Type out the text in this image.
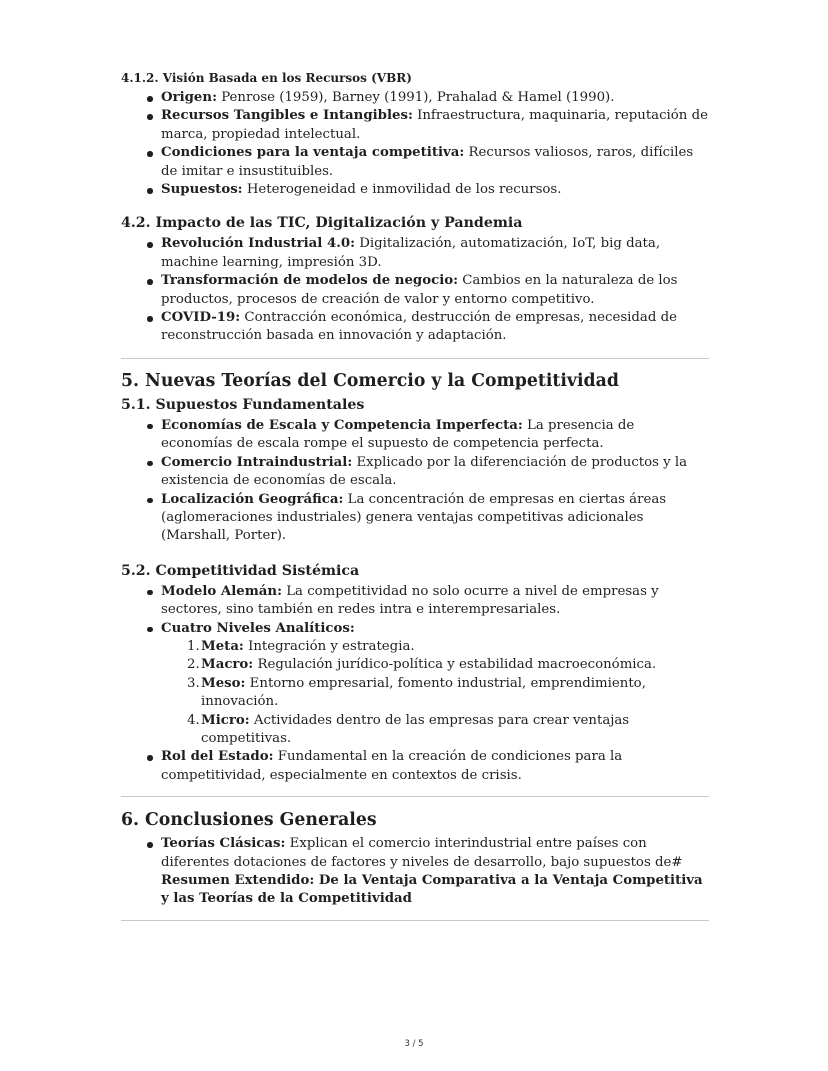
4.1.2. Visión Basada en los Recursos (VBR)
Origen: Penrose (1959), Barney (1991), Prahalad & Hamel (1990).
Recursos Tangibles e Intangibles: Infraestructura, maquinaria, reputación de marca, propiedad intelectual.
Condiciones para la ventaja competitiva: Recursos valiosos, raros, difíciles de imitar e insustituibles.
Supuestos: Heterogeneidad e inmovilidad de los recursos.
4.2. Impacto de las TIC, Digitalización y Pandemia
Revolución Industrial 4.0: Digitalización, automatización, IoT, big data, machine learning, impresión 3D.
Transformación de modelos de negocio: Cambios en la naturaleza de los productos, procesos de creación de valor y entorno competitivo.
COVID-19: Contracción económica, destrucción de empresas, necesidad de reconstrucción basada en innovación y adaptación.
5. Nuevas Teorías del Comercio y la Competitividad
5.1. Supuestos Fundamentales
Economías de Escala y Competencia Imperfecta: La presencia de economías de escala rompe el supuesto de competencia perfecta.
Comercio Intraindustrial: Explicado por la diferenciación de productos y la existencia de economías de escala.
Localización Geográfica: La concentración de empresas en ciertas áreas (aglomeraciones industriales) genera ventajas competitivas adicionales (Marshall, Porter).
5.2. Competitividad Sistémica
Modelo Alemán: La competitividad no solo ocurre a nivel de empresas y sectores, sino también en redes intra e interempresariales.
Cuatro Niveles Analíticos:
1. Meta: Integración y estrategia.
2. Macro: Regulación jurídico-política y estabilidad macroeconómica.
3. Meso: Entorno empresarial, fomento industrial, emprendimiento, innovación.
4. Micro: Actividades dentro de las empresas para crear ventajas competitivas.
Rol del Estado: Fundamental en la creación de condiciones para la competitividad, especialmente en contextos de crisis.
6. Conclusiones Generales
Teorías Clásicas: Explican el comercio interindustrial entre países con diferentes dotaciones de factores y niveles de desarrollo, bajo supuestos de# Resumen Extendido: De la Ventaja Comparativa a la Ventaja Competitiva y las Teorías de la Competitividad
3 / 5
